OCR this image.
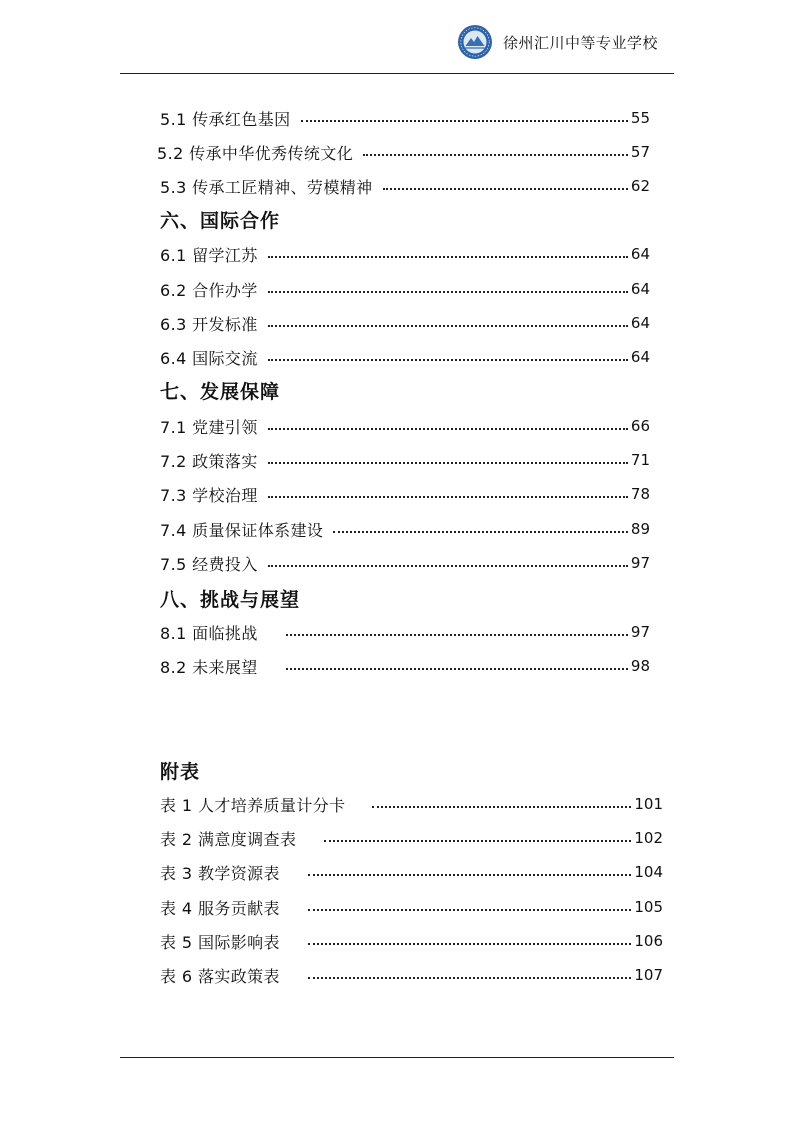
徐州汇川中等专业学校
5.1 传承红色基因	55
5.2 传承中华优秀传统文化	57
5.3 传承工匠精神、劳模精神	62
六、国际合作
6.1 留学江苏	64
6.2 合作办学	64
6.3 开发标准	64
6.4 国际交流	64
七、发展保障
7.1 党建引领	66
7.2 政策落实	71
7.3 学校治理	78
7.4 质量保证体系建设	89
7.5 经费投入	97
八、挑战与展望
8.1 面临挑战	97
8.2 未来展望	98
附表
表 1 人才培养质量计分卡	101
表 2 满意度调查表	102
表 3 教学资源表	104
表 4 服务贡献表	105
表 5 国际影响表	106
表 6 落实政策表	107
